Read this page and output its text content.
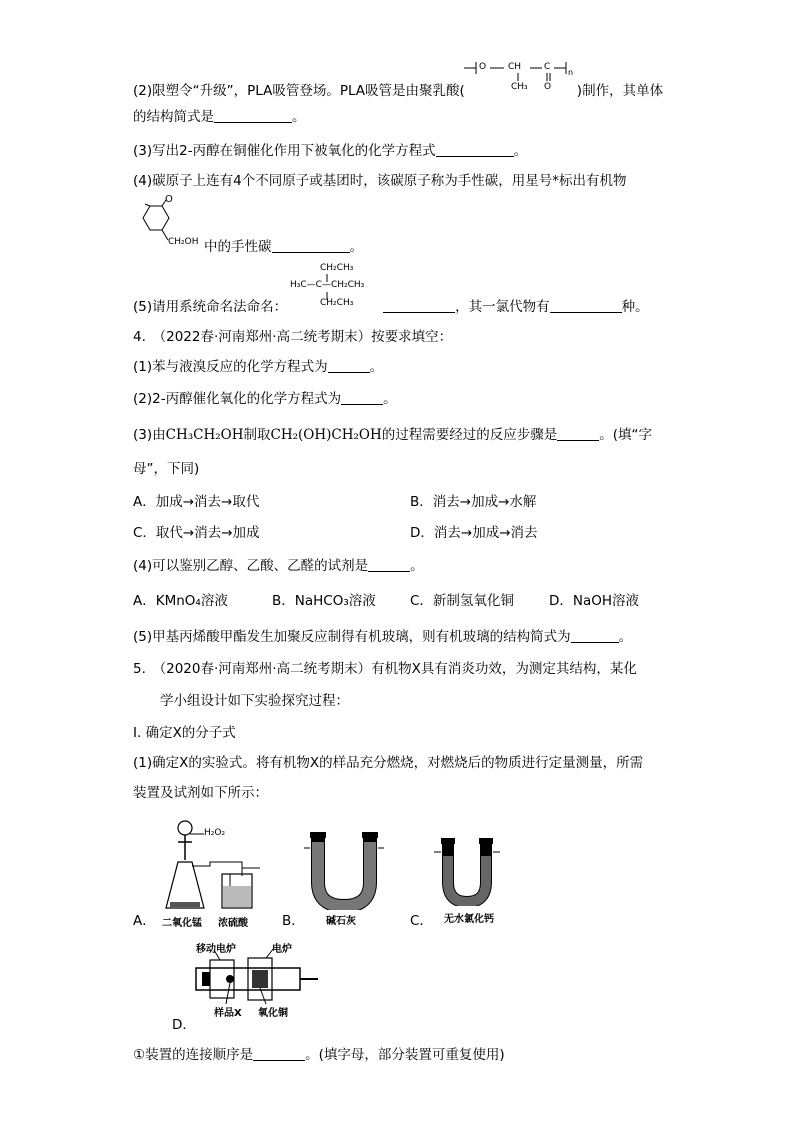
O CH	C
CH₃ O
n
(2)限塑令“升级”，PLA吸管登场。PLA吸管是由聚乳酸(	)制作，其单体
的结构简式是	。
(3)写出2-丙醇在铜催化作用下被氧化的化学方程式	。
(4)碳原子上连有4个不同原子或基团时，该碳原子称为手性碳，用星号*标出有机物
O
CH₂OH 中的手性碳	。
CH₂CH₃
H₃C—C—CH₂CH₃
CH₂CH₃
(5)请用系统命名法命名：	，其一氯代物有	种。
4.　（2022春·河南郑州·高二统考期末）按要求填空：
(1)苯与液溴反应的化学方程式为	。
(2)2-丙醇催化氧化的化学方程式为	。
(3)由CH₃CH₂OH制取CH₂(OH)CH₂OH的过程需要经过的反应步骤是	。(填“字
母”，下同)
A．加成→消去→取代	B．消去→加成→水解
C．取代→消去→加成	D．消去→加成→消去
(4)可以鉴别乙醇、乙酸、乙醛的试剂是	。
A．KMnO₄溶液	B．NaHCO₃溶液	C．新制氢氧化铜	D．NaOH溶液
(5)甲基丙烯酸甲酯发生加聚反应制得有机玻璃，则有机玻璃的结构简式为	。
5.　（2020春·河南郑州·高二统考期末）有机物X具有消炎功效，为测定其结构，某化
学小组设计如下实验探究过程：
I. 确定X的分子式
(1)确定X的实验式。将有机物X的样品充分燃烧，对燃烧后的物质进行定量测量，所需
装置及试剂如下所示：
H₂O₂
A． 二氧化锰 浓硫酸	B． 碱石灰	C． 无水氯化钙
移动电炉	电炉
样品X 氧化铜
D．
①装置的连接顺序是	。(填字母，部分装置可重复使用)
